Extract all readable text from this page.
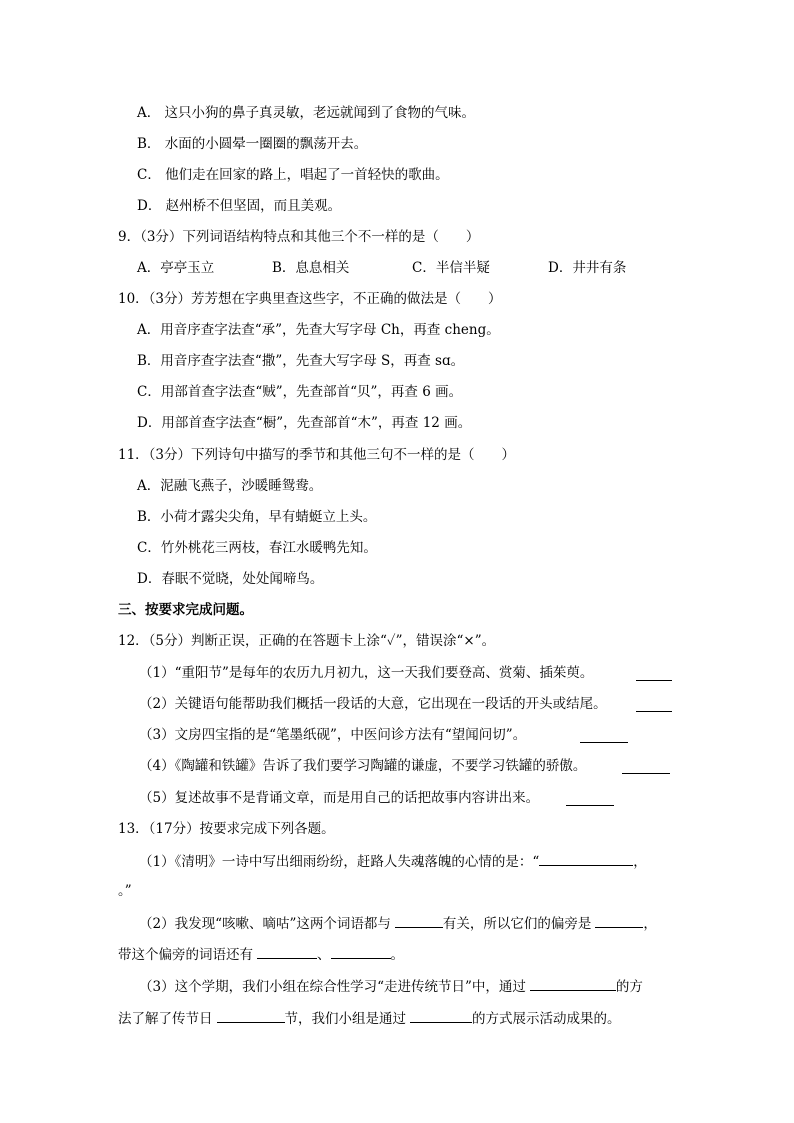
A． 这只小狗的鼻子真灵敏，老远就闻到了食物的气味。
B． 水面的小圆晕一圈圈的飘荡开去。
C． 他们走在回家的路上，唱起了一首轻快的歌曲。
D． 赵州桥不但坚固，而且美观。
9．（3分）下列词语结构特点和其他三个不一样的是（　　）
A．亭亭玉立	B．息息相关	C．半信半疑	D．井井有条
10．（3分）芳芳想在字典里查这些字，不正确的做法是（　　）
A．用音序查字法查“承”，先查大写字母 Ch，再查 cheng。
B．用音序查字法查“撒”，先查大写字母 S，再查 sɑ。
C．用部首查字法查“贼”，先查部首“贝”，再查 6 画。
D．用部首查字法查“橱”，先查部首“木”，再查 12 画。
11．（3分）下列诗句中描写的季节和其他三句不一样的是（　　）
A．泥融飞燕子，沙暖睡鸳鸯。
B．小荷才露尖尖角，早有蜻蜓立上头。
C．竹外桃花三两枝，春江水暖鸭先知。
D．春眠不觉晓，处处闻啼鸟。
三、按要求完成问题。
12．（5分）判断正误，正确的在答题卡上涂“✓”，错误涂“×”。
（1）“重阳节”是每年的农历九月初九，这一天我们要登高、赏菊、插茱萸。
（2）关键语句能帮助我们概括一段话的大意，它出现在一段话的开头或结尾。
（3）文房四宝指的是“笔墨纸砚”，中医问诊方法有“望闻问切”。
（4）《陶罐和铁罐》告诉了我们要学习陶罐的谦虚，不要学习铁罐的骄傲。
（5）复述故事不是背诵文章，而是用自己的话把故事内容讲出来。
13．（17分）按要求完成下列各题。
（1）《清明》一诗中写出细雨纷纷，赶路人失魂落魄的心情的是：“	，
。”
（2）我发现“咳嗽、嘀咕”这两个词语都与	有关，所以它们的偏旁是	，
带这个偏旁的词语还有	、	。
（3）这个学期，我们小组在综合性学习“走进传统节日”中，通过	的方
法了解了传节日	节，我们小组是通过	的方式展示活动成果的。
